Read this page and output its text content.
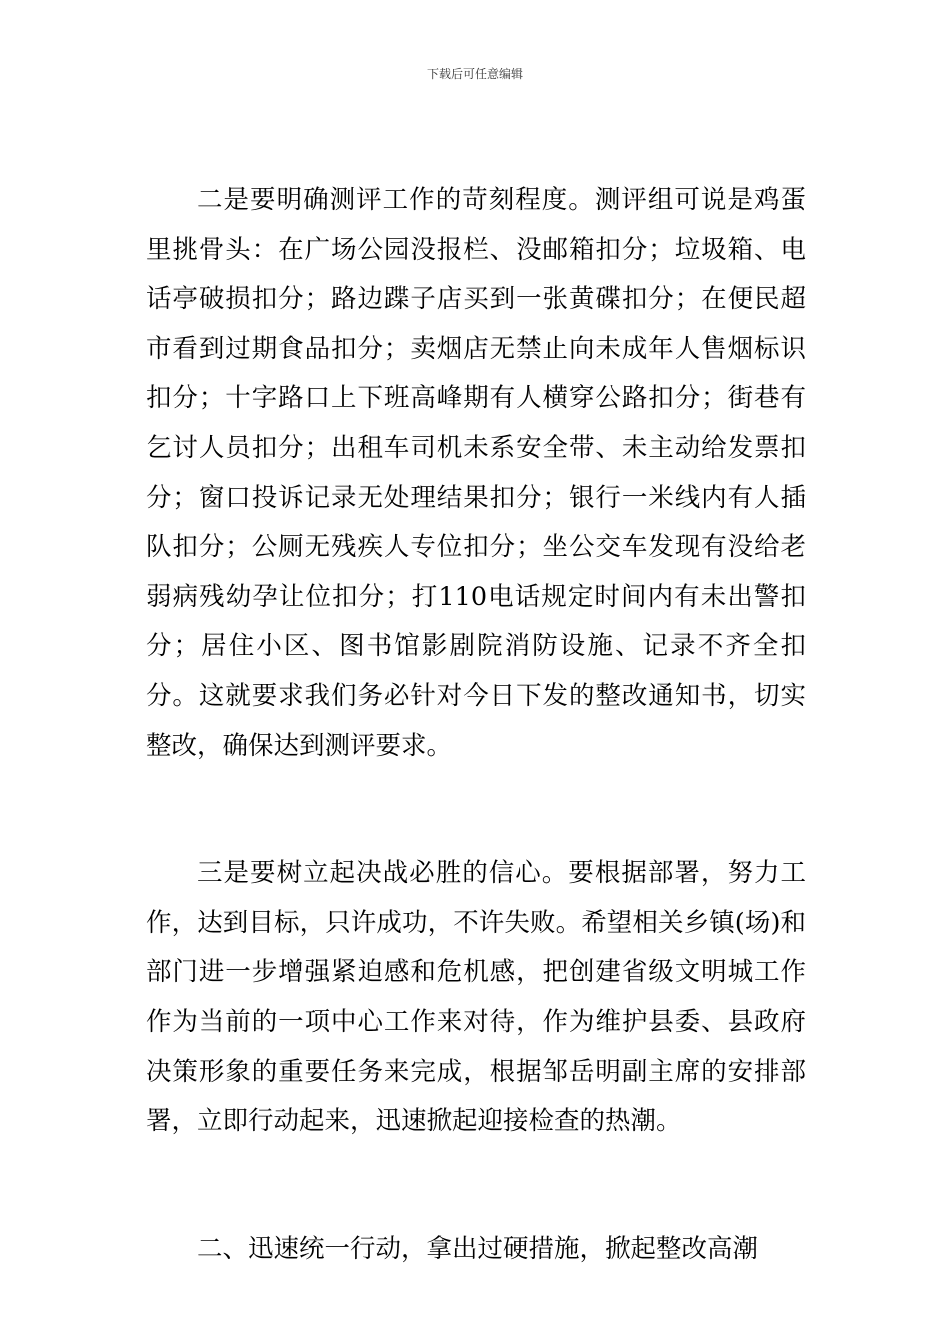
下载后可任意编辑

二是要明确测评工作的苛刻程度。测评组可说是鸡蛋里挑骨头：在广场公园没报栏、没邮箱扣分；垃圾箱、电话亭破损扣分；路边蹀子店买到一张黄碟扣分；在便民超市看到过期食品扣分；卖烟店无禁止向未成年人售烟标识扣分；十字路口上下班高峰期有人横穿公路扣分；街巷有乞讨人员扣分；出租车司机未系安全带、未主动给发票扣分；窗口投诉记录无处理结果扣分；银行一米线内有人插队扣分；公厕无残疾人专位扣分；坐公交车发现有没给老弱病残幼孕让位扣分；打110电话规定时间内有未出警扣分；居住小区、图书馆影剧院消防设施、记录不齐全扣分。这就要求我们务必针对今日下发的整改通知书，切实整改，确保达到测评要求。

三是要树立起决战必胜的信心。要根据部署，努力工作，达到目标，只许成功，不许失败。希望相关乡镇(场)和部门进一步增强紧迫感和危机感，把创建省级文明城工作作为当前的一项中心工作来对待，作为维护县委、县政府决策形象的重要任务来完成，根据邹岳明副主席的安排部署，立即行动起来，迅速掀起迎接检查的热潮。

二、迅速统一行动，拿出过硬措施，掀起整改高潮
